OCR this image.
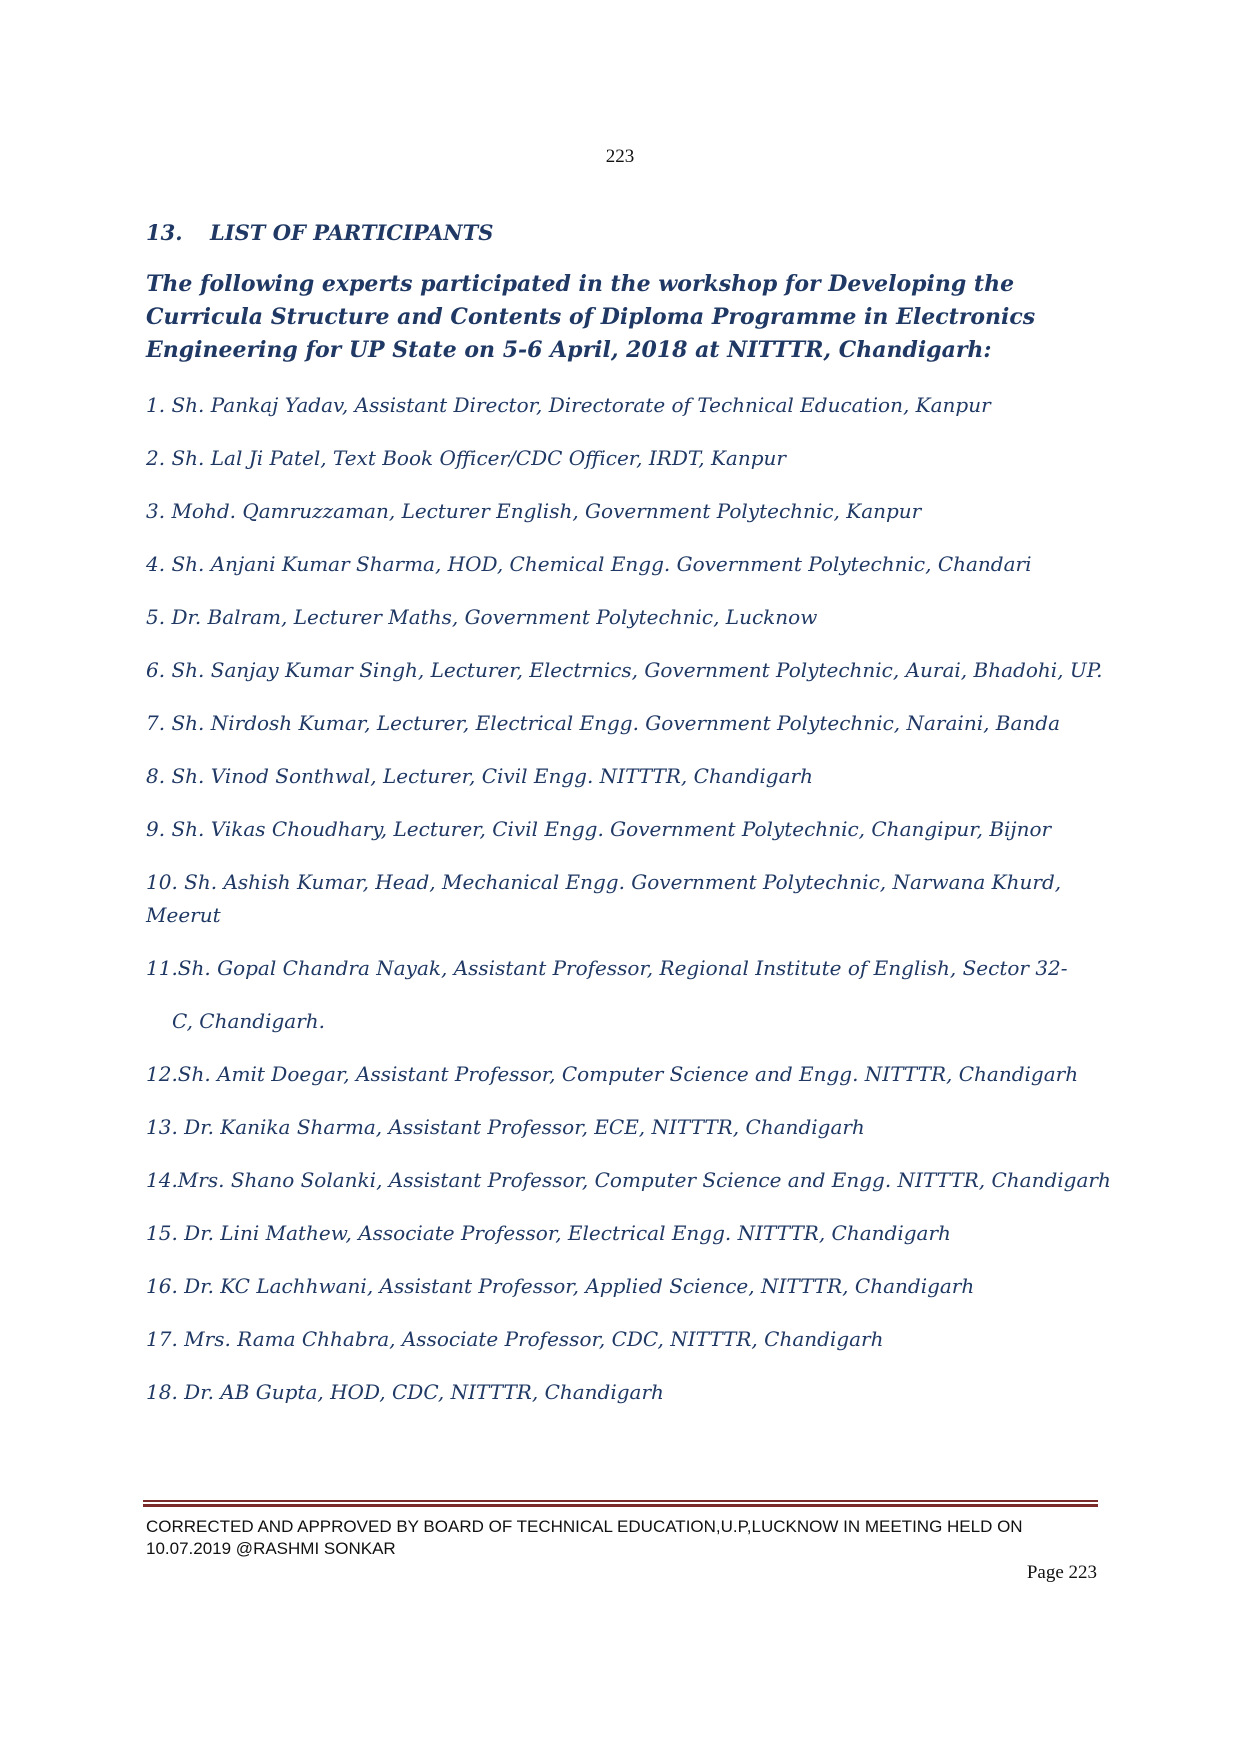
223
13. LIST OF PARTICIPANTS
The following experts participated in the workshop for Developing the Curricula Structure and Contents of Diploma Programme in Electronics Engineering for UP State on 5-6 April, 2018 at NITTTR, Chandigarh:
1. Sh. Pankaj Yadav, Assistant Director, Directorate of Technical Education, Kanpur
2. Sh. Lal Ji Patel, Text Book Officer/CDC Officer, IRDT, Kanpur
3. Mohd. Qamruzzaman, Lecturer English, Government Polytechnic, Kanpur
4. Sh. Anjani Kumar Sharma, HOD, Chemical Engg. Government Polytechnic, Chandari
5. Dr. Balram, Lecturer Maths, Government Polytechnic, Lucknow
6. Sh. Sanjay Kumar Singh, Lecturer, Electrnics, Government Polytechnic, Aurai, Bhadohi, UP.
7. Sh. Nirdosh Kumar, Lecturer, Electrical Engg. Government Polytechnic, Naraini, Banda
8. Sh. Vinod Sonthwal, Lecturer, Civil Engg. NITTTR, Chandigarh
9. Sh. Vikas Choudhary, Lecturer, Civil Engg. Government Polytechnic, Changipur, Bijnor
10. Sh. Ashish Kumar, Head, Mechanical Engg. Government Polytechnic, Narwana Khurd, Meerut
11.Sh. Gopal Chandra Nayak, Assistant Professor, Regional Institute of English, Sector 32-
C, Chandigarh.
12.Sh. Amit Doegar, Assistant Professor, Computer Science and Engg. NITTTR, Chandigarh
13. Dr. Kanika Sharma, Assistant Professor, ECE, NITTTR, Chandigarh
14.Mrs. Shano Solanki, Assistant Professor, Computer Science and Engg. NITTTR, Chandigarh
15. Dr. Lini Mathew, Associate Professor, Electrical Engg. NITTTR, Chandigarh
16. Dr. KC Lachhwani, Assistant Professor, Applied Science, NITTTR, Chandigarh
17. Mrs. Rama Chhabra, Associate Professor, CDC, NITTTR, Chandigarh
18. Dr. AB Gupta, HOD, CDC, NITTTR, Chandigarh
CORRECTED AND APPROVED BY BOARD OF TECHNICAL EDUCATION,U.P,LUCKNOW IN MEETING HELD ON
10.07.2019 @RASHMI SONKAR
Page 223
